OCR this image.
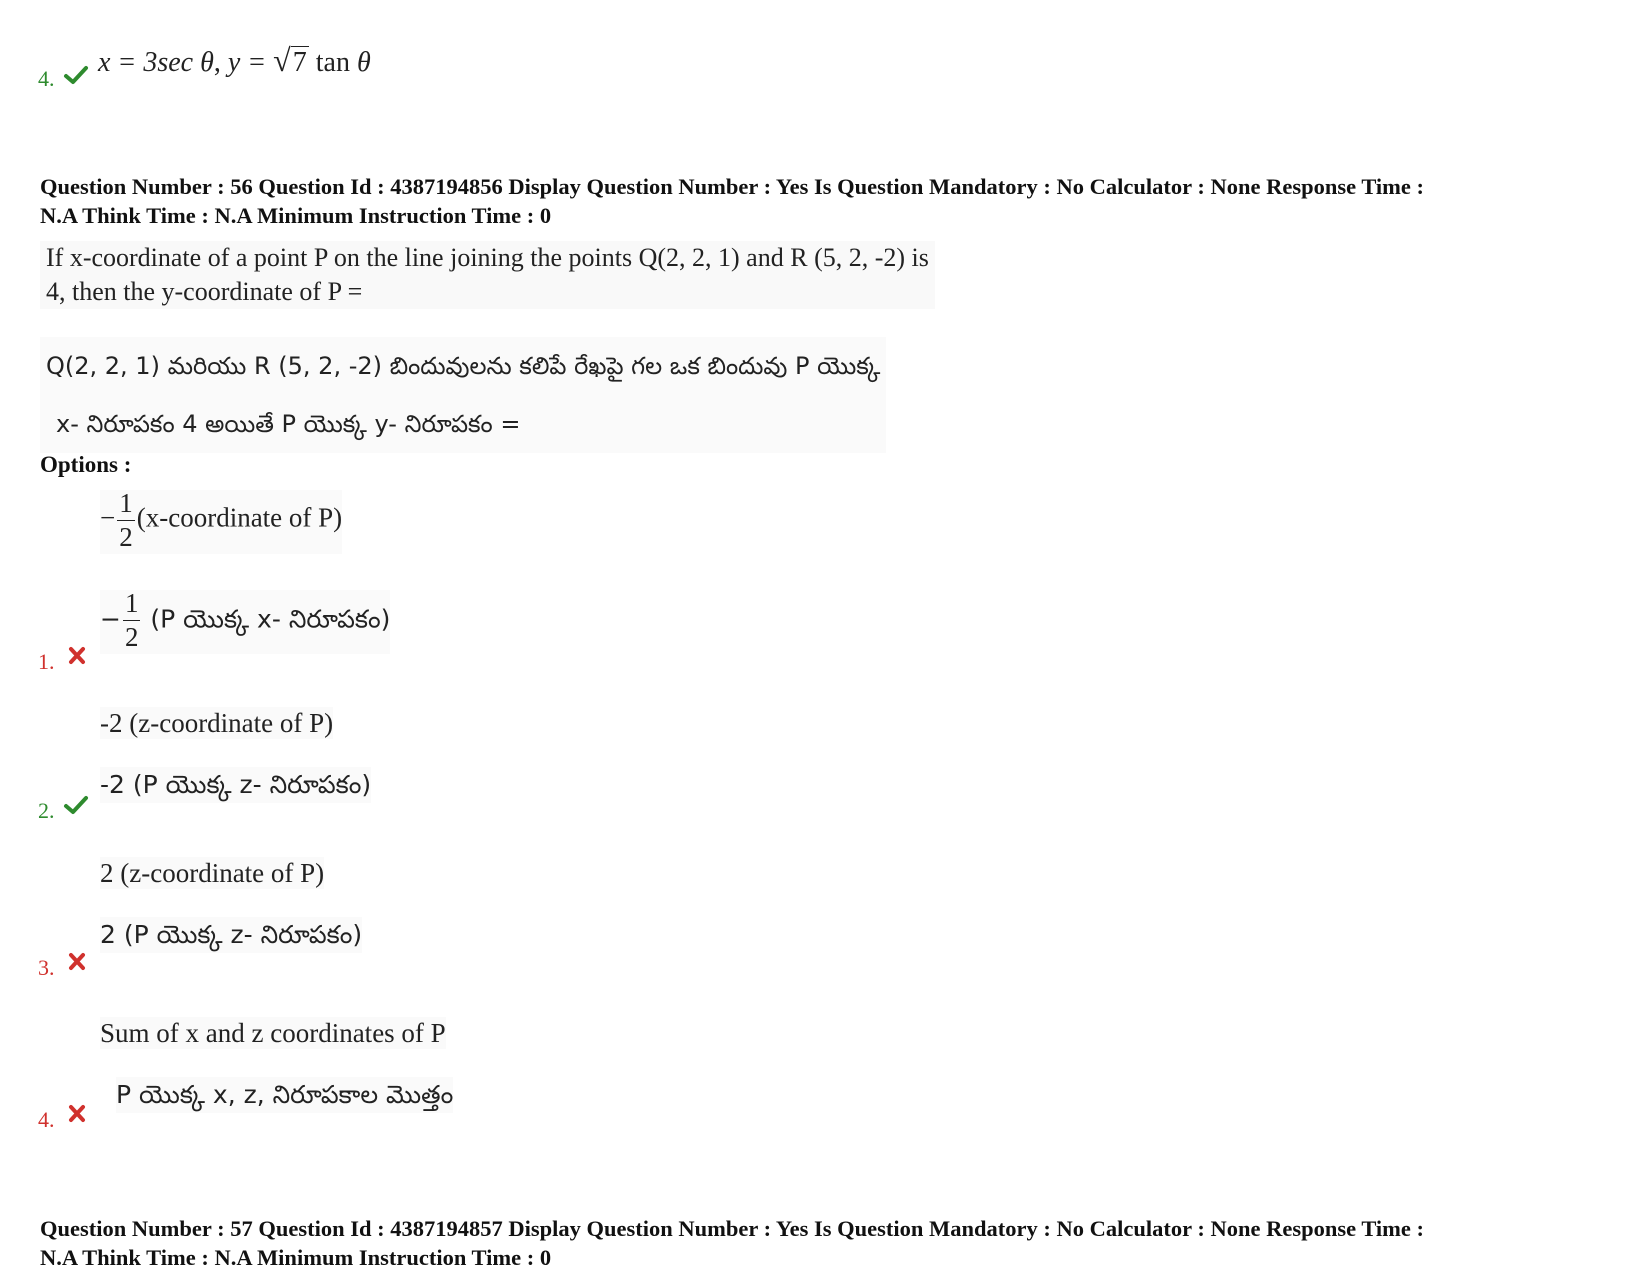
4.
x = 3sec θ, y = √7 tan θ
Question Number : 56 Question Id : 4387194856 Display Question Number : Yes Is Question Mandatory : No Calculator : None Response Time :
N.A Think Time : N.A Minimum Instruction Time : 0
If x-coordinate of a point P on the line joining the points Q(2, 2, 1) and R (5, 2, -2) is
4, then the y-coordinate of P =
Q(2, 2, 1) మరియు R (5, 2, -2) బిందువులను కలిపే రేఖపై గల ఒక బిందువు P యొక్క
x- నిరూపకం 4 అయితే P యొక్క y- నిరూపకం =
Options :
− $\frac{1}{2}$ (x-coordinate of P)
− $\frac{1}{2} (P$ యొక్క x- నిరూపకం)
1.
-2 (z-coordinate of P)
-2 (P యొక్క z- నిరూపకం)
2.
2 (z-coordinate of P)
2 (P యొక్క z- నిరూపకం)
3.
Sum of x and z coordinates of P
P యొక్క x, z, నిరూపకాల మొత్తం
4.
Question Number : 57 Question Id : 4387194857 Display Question Number : Yes Is Question Mandatory : No Calculator : None Response Time :
N.A Think Time : N.A Minimum Instruction Time : 0
